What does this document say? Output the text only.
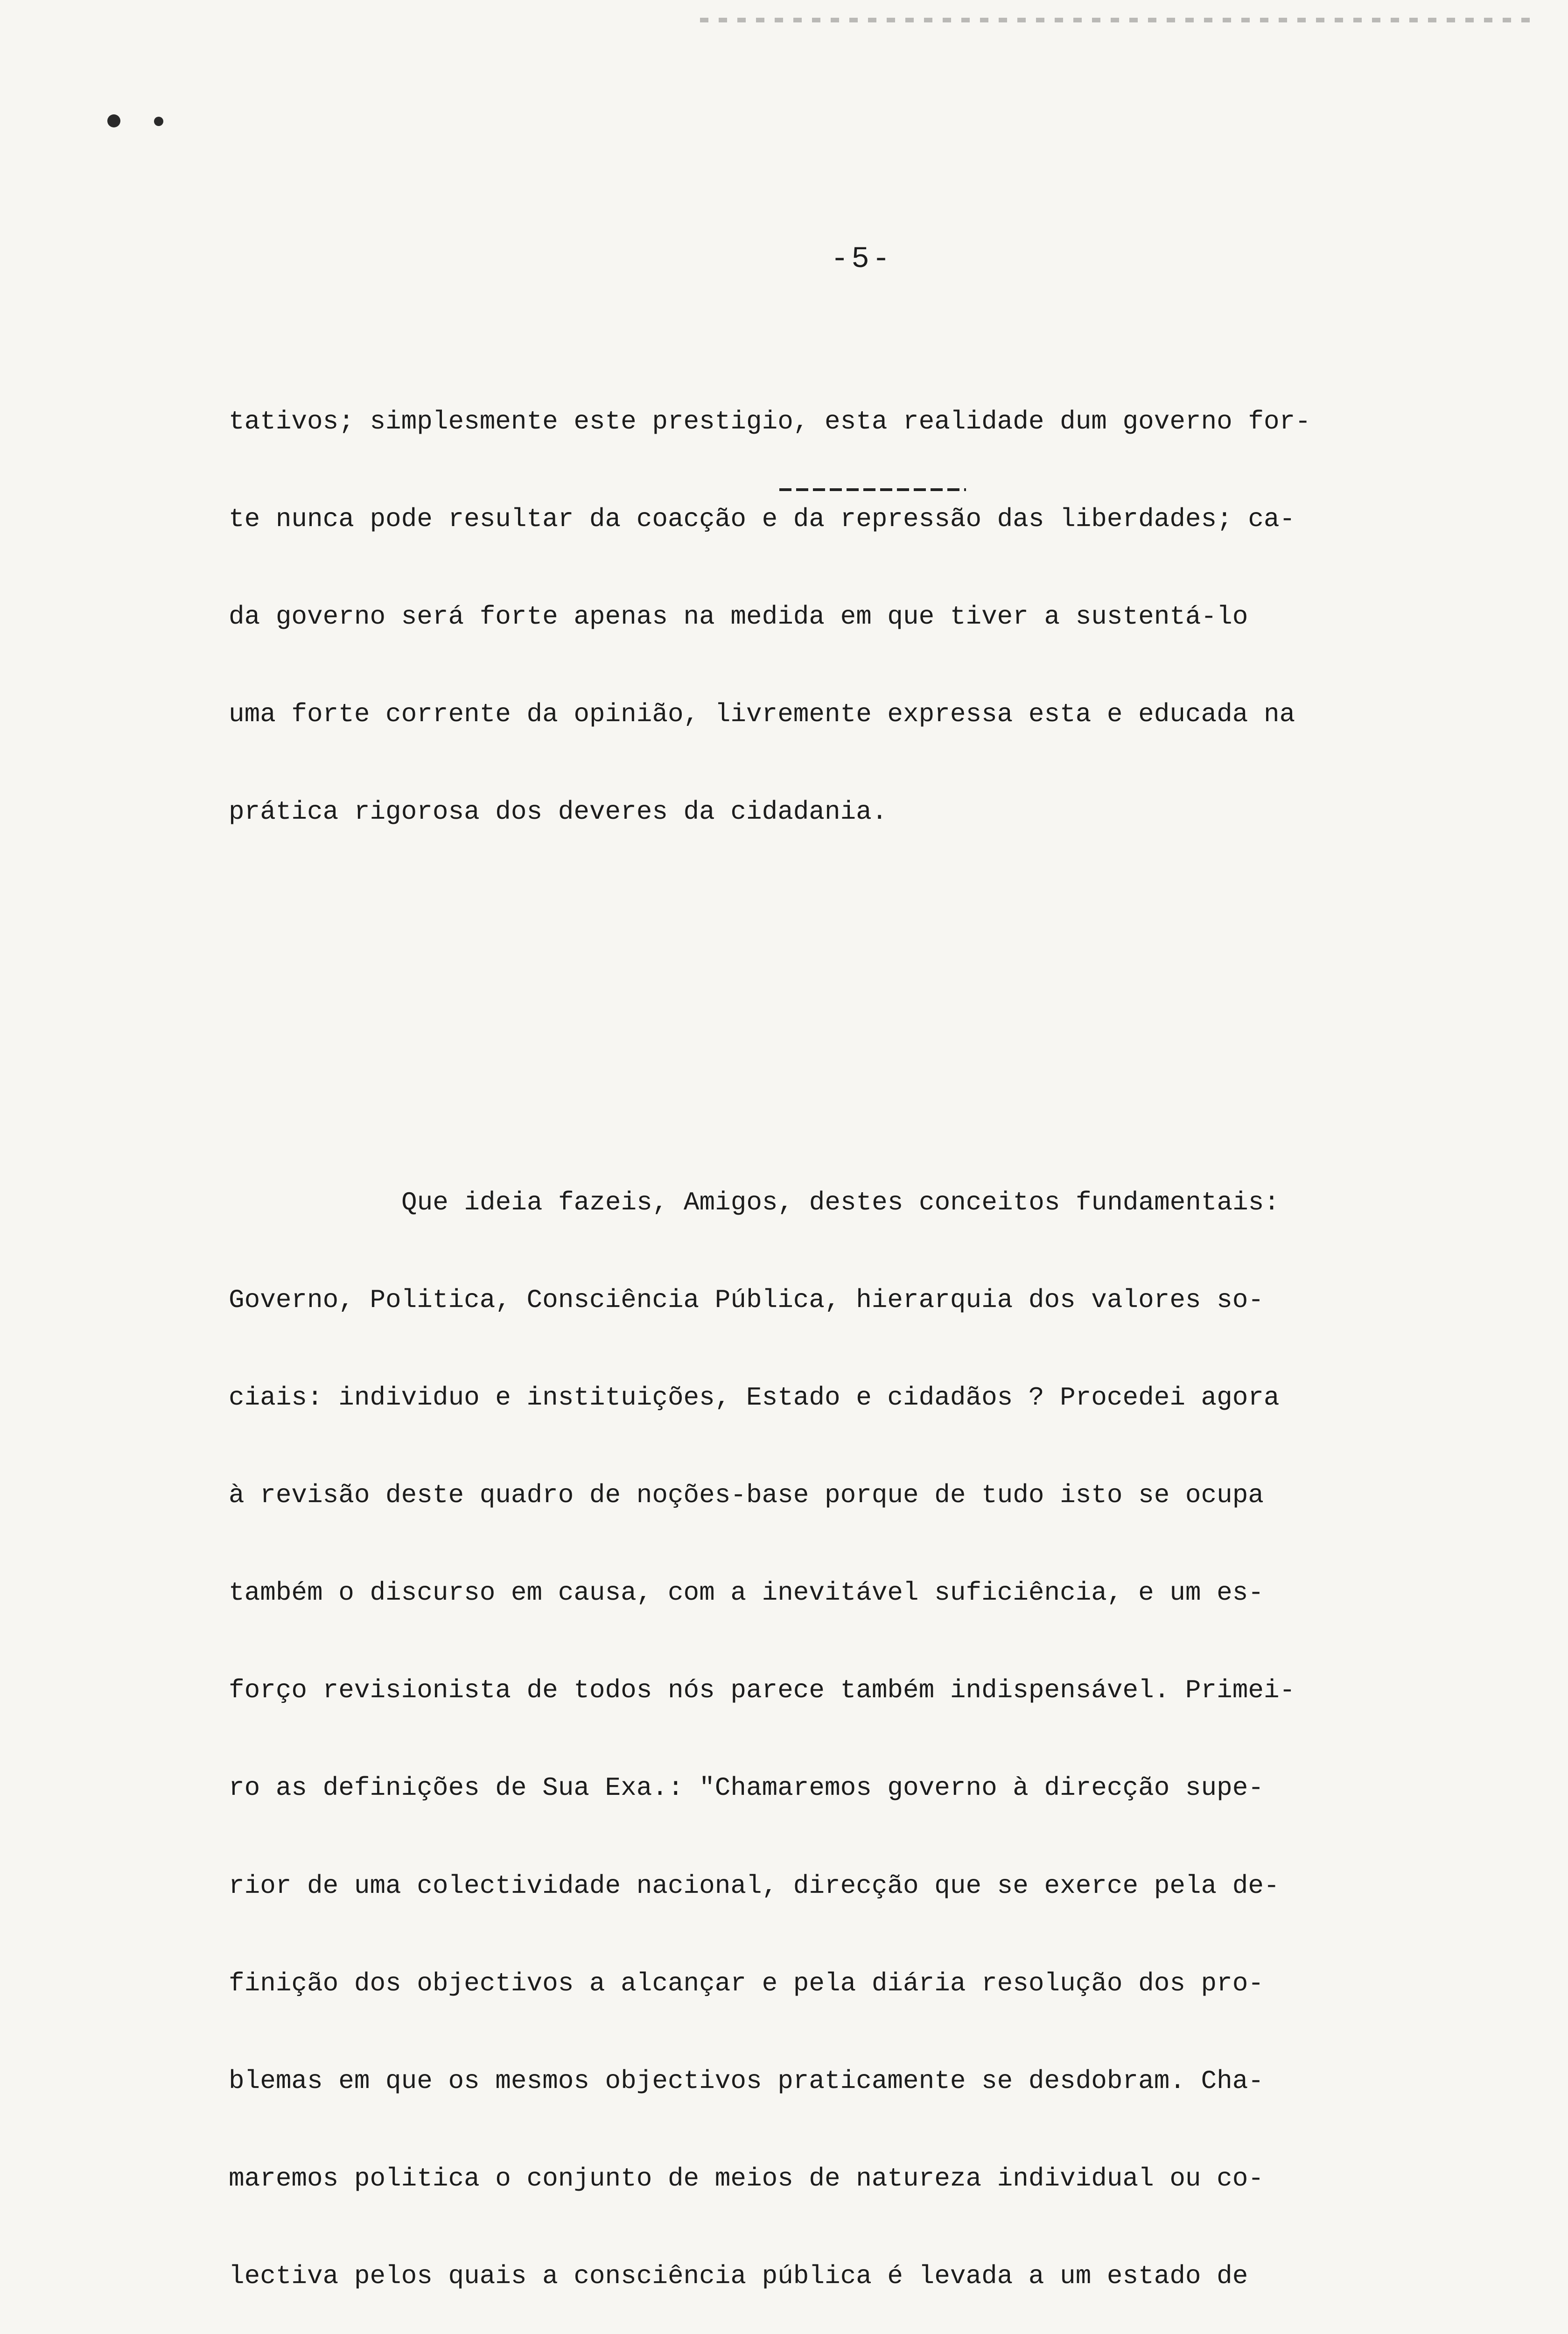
-5-

tativos; simplesmente este prestigio, esta realidade dum governo for-

te nunca pode resultar da coacção e da repressão das liberdades; ca-

da governo será forte apenas na medida em que tiver a sustentá-lo

uma forte corrente da opinião, livremente expressa esta e educada na

prática rigorosa dos deveres da cidadania.

Que ideia fazeis, Amigos, destes conceitos fundamentais:

Governo, Politica, Consciência Pública, hierarquia dos valores so-

ciais: individuo e instituições, Estado e cidadãos ? Procedei agora

à revisão deste quadro de noções-base porque de tudo isto se ocupa

também o discurso em causa, com a inevitável suficiência, e um es-

forço revisionista de todos nós parece também indispensável. Primei-

ro as definições de Sua Exa.: "Chamaremos governo à direcção supe-

rior de uma colectividade nacional, direcção que se exerce pela de-

finição dos objectivos a alcançar e pela diária resolução dos pro-

blemas em que os mesmos objectivos praticamente se desdobram. Cha-

maremos politica o conjunto de meios de natureza individual ou co-

lectiva pelos quais a consciência pública é levada a um estado de
